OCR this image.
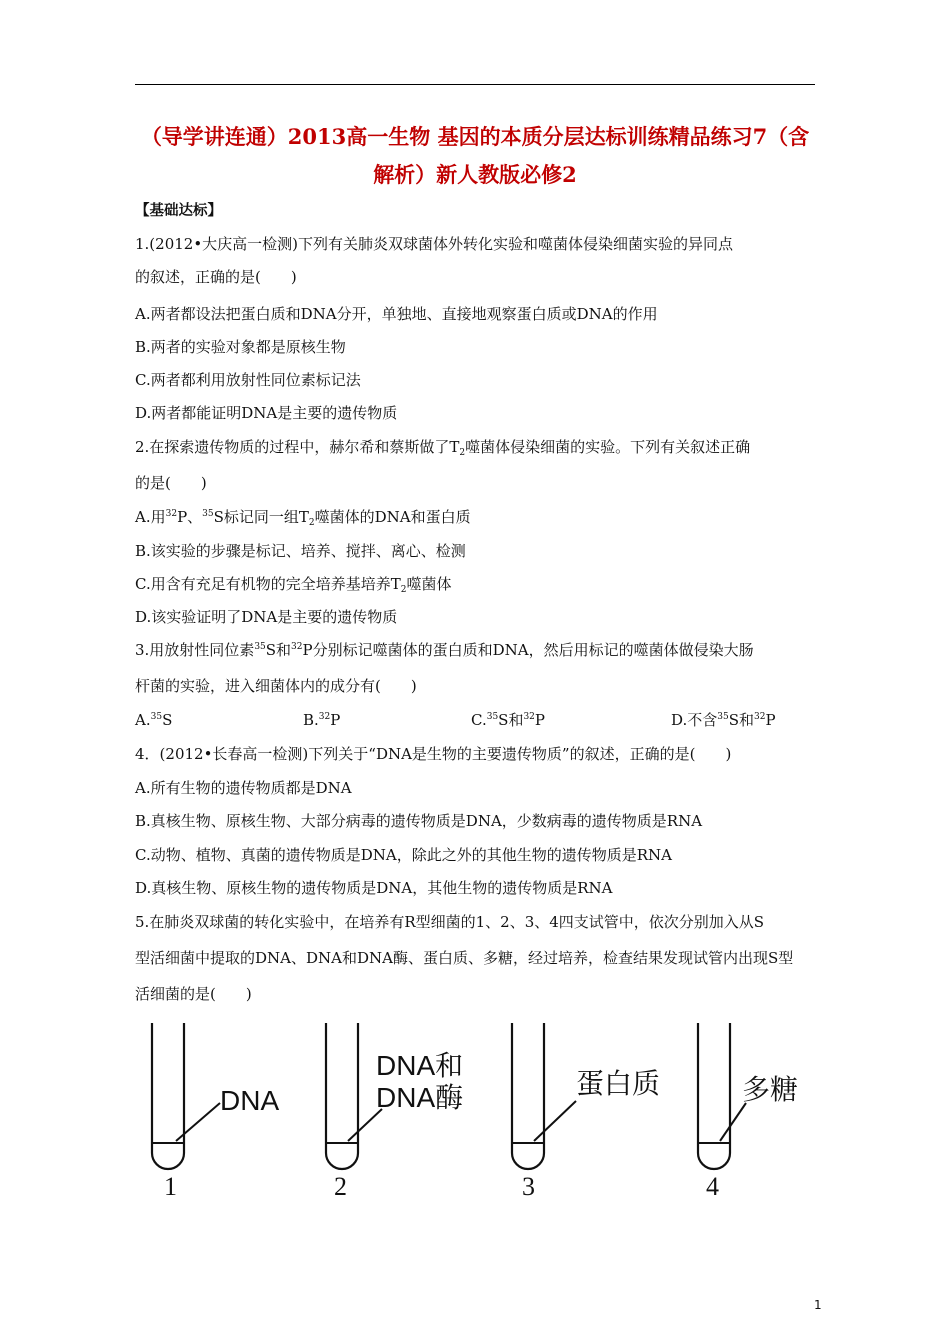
（导学讲连通）2013高一生物 基因的本质分层达标训练精品练习7（含
解析）新人教版必修2
【基础达标】
1.(2012•大庆高一检测)下列有关肺炎双球菌体外转化实验和噬菌体侵染细菌实验的异同点
的叙述，正确的是(　　)
A.两者都设法把蛋白质和DNA分开，单独地、直接地观察蛋白质或DNA的作用
B.两者的实验对象都是原核生物
C.两者都利用放射性同位素标记法
D.两者都能证明DNA是主要的遗传物质
2.在探索遗传物质的过程中，赫尔希和蔡斯做了$T_2$噬菌体侵染细菌的实验。下列有关叙述正确
的是(　　)
A.用$^{32}$P、$^{35}$S标记同一组$T_2$噬菌体的DNA和蛋白质
B.该实验的步骤是标记、培养、搅拌、离心、检测
C.用含有充足有机物的完全培养基培养$T_2$噬菌体
D.该实验证明了DNA是主要的遗传物质
3.用放射性同位素$^{35}$S和$^{32}$P分别标记噬菌体的蛋白质和DNA，然后用标记的噬菌体做侵染大肠
杆菌的实验，进入细菌体内的成分有(　　)
A.$^{35}$S	B.$^{32}$P	C.$^{35}$S和$^{32}$P	D.不含$^{35}$S和$^{32}$P
4．(2012•长春高一检测)下列关于“DNA是生物的主要遗传物质”的叙述，正确的是(　　)
A.所有生物的遗传物质都是DNA
B.真核生物、原核生物、大部分病毒的遗传物质是DNA，少数病毒的遗传物质是RNA
C.动物、植物、真菌的遗传物质是DNA，除此之外的其他生物的遗传物质是RNA
D.真核生物、原核生物的遗传物质是DNA，其他生物的遗传物质是RNA
5.在肺炎双球菌的转化实验中，在培养有R型细菌的1、2、3、4四支试管中，依次分别加入从S
型活细菌中提取的DNA、DNA和DNA酶、蛋白质、多糖，经过培养，检查结果发现试管内出现S型
活细菌的是(　　)
DNA
1
DNA和
DNA酶
2
蛋白质
3
多糖
4
1
